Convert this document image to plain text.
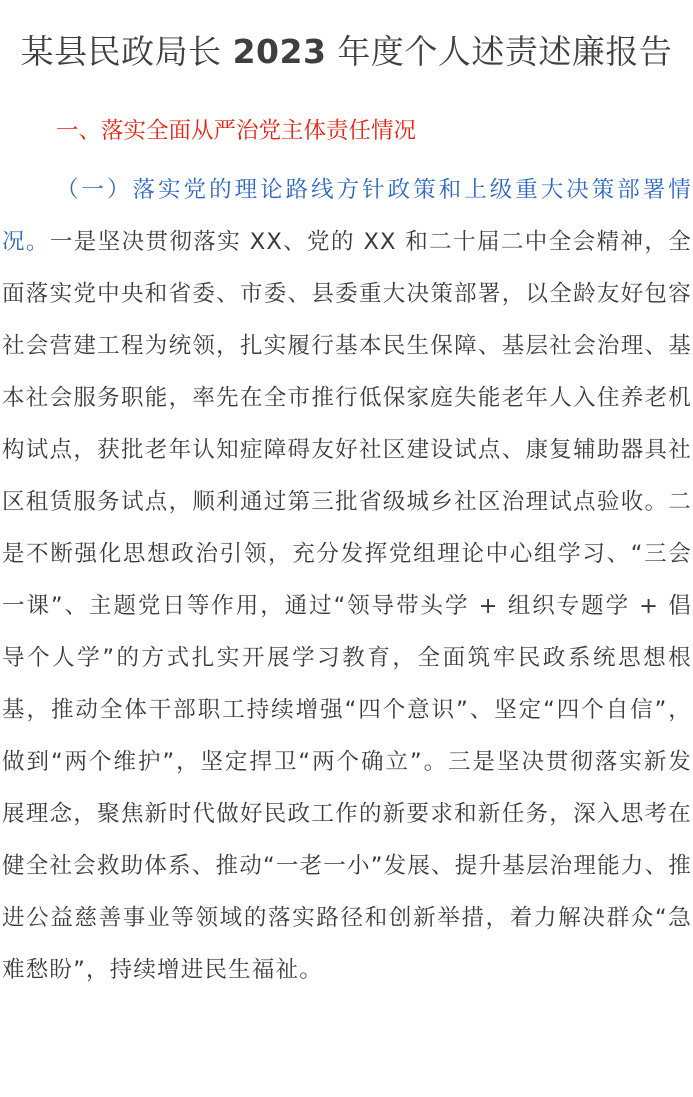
某县民政局长 2023 年度个人述责述廉报告
一、落实全面从严治党主体责任情况
（一）落实党的理论路线方针政策和上级重大决策部署情况。一是坚决贯彻落实 XX、党的 XX 和二十届二中全会精神，全面落实党中央和省委、市委、县委重大决策部署，以全龄友好包容社会营建工程为统领，扎实履行基本民生保障、基层社会治理、基本社会服务职能，率先在全市推行低保家庭失能老年人入住养老机构试点，获批老年认知症障碍友好社区建设试点、康复辅助器具社区租赁服务试点，顺利通过第三批省级城乡社区治理试点验收。二是不断强化思想政治引领，充分发挥党组理论中心组学习、“三会一课”、主题党日等作用，通过“领导带头学 + 组织专题学 + 倡导个人学”的方式扎实开展学习教育，全面筑牢民政系统思想根基，推动全体干部职工持续增强“四个意识”、坚定“四个自信”，做到“两个维护”，坚定捍卫“两个确立”。三是坚决贯彻落实新发展理念，聚焦新时代做好民政工作的新要求和新任务，深入思考在健全社会救助体系、推动“一老一小”发展、提升基层治理能力、推进公益慈善事业等领域的落实路径和创新举措，着力解决群众“急难愁盼”，持续增进民生福祉。
